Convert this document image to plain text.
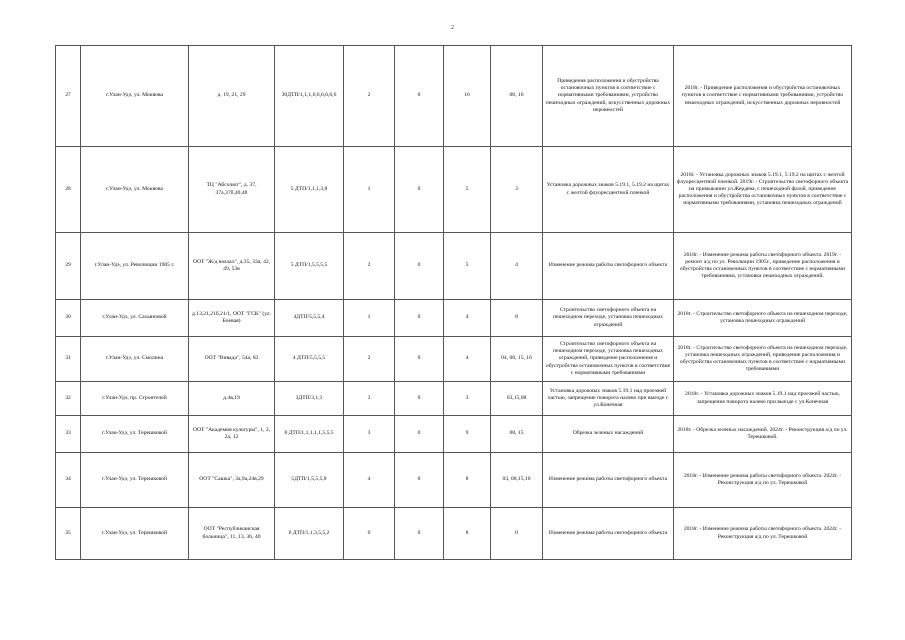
2
27	г.Улан-Удэ, ул. Моквова	д. 19, 21, 29	30ДТП/1,1,1,6,6,6,6,6,6	2	0	16	08, 16	Приведение расположения и обустройства остановочных пунктов в соответствие с нормативными требованиями, устройство пешеходных ограждений, искусственных дорожных неровностей	2018г. - Приведение расположения и обустройства остановочных пунктов в соответствие с нормативными требованиями, устройство пешеходных ограждений, искусственных дорожных неровностей
28	г.Улан-Удэ, ул. Моквова	ТЦ "Абсолют", д. 37, 37а,37б,40,48	5 ДТП/1,1,1,3,8	1	0	5	3	Установка дорожных знаков 5.19.1, 5.19.2 на щитах с желтой флуоресцентной пленкой	2018г. - Установка дорожных знаков 5.19.1, 5.19.2 на щитах с желтой флуоресцентной пленкой. 2019г. - Строительство светофорного объекта на примыкании ул.Жердева, с пешеходной фазой, приведение расположения и обустройства остановочных пунктов в соответствие с нормативными требованиями, установка пешеходных ограждений
29	г.Улан-Удэ, ул. Революции 1905 г.	ООТ "Ж/д вокзал", д.35, 33а, 42, 49, 53в	5 ДТП/1,5,5,5,5	2	0	5	4	Изменение режима работы светофорного объекта	2018г. - Изменение режима работы светофорного объекта. 2019г. - ремонт а/д по ул. Революции 1905г., приведение расположения и обустройства остановочных пунктов в соответствие с нормативными требованиями, установка пешеходных ограждений.
30	г.Улан-Удэ, ул. Сахьяновой	д.13,21,21б,21/1, ООТ "ГСК" (ул. Боевая)	4ДТП/5,5,5,4	1	0	4	8	Строительство светофорного объекта на пешеходном переходе, установка пешеходных ограждений	2018г. - Строительство светофорного объекта на пешеходном переходе, установка пешеходных ограждений
31	г.Улан-Удэ, ул. Смолина	ООТ "Вивада", 54а, 83	4 ДТП/5,5,5,5	2	0	4	04, 08, 15, 16	Строительство светофорного объекта на пешеходном переходе, установка пешеходных ограждений, приведение расположения и обустройства остановочных пунктов в соответствие с нормативными требованиями	2018г. - Строительство светофорного объекта на пешеходном переходе, установка пешеходных ограждений, приведение расположения и обустройства остановочных пунктов в соответствие с нормативными требованиями
32	г.Улан-Удэ, пр. Строителей	д.4в,19	3ДТП/3,1,1	3	0	3	03,15,08	Установка дорожных знаков 5.19.1 над проезжей частью, запрещение поворота налево при выезде с ул.Конечная	2018г. - Установка дорожных знаков 5.19.1 над проезжей частью, запрещение поворота налево при выезде с ул.Конечная
33	г.Улан-Удэ, ул. Терешковой	ООТ "Академия культуры", 1, 2, 2а, 12	8 ДТП/1,1,1,1,1,5,5,5	3	0	9	08, 15	Обрезка зеленых насаждений	2018г. - Обрезка зеленых насаждений. 2024г. - Реконструкция а/д по ул. Терешковой.
34	г.Улан-Удэ, ул. Терешковой	ООТ "Сашка", 3а,9а,24в,29	5ДТП/1,5,5,5,8	4	0	8	03, 08,15,10	Изменение режима работы светофорного объекта	2018г. - Изменение режима работы светофорного объекта. 2024г. - Реконструкция а/д по ул. Терешковой
35	г.Улан-Удэ, ул. Терешковой	ООТ "Республиканская больница", 11, 13, 36, 40	6 ДТП/1,1,3,5,5,2	0	0	8	0	Изменение режима работы светофорного объекта	2018г. - Изменение режима работы светофорного объекта. 2024г. - Реконструкция а/д по ул. Терешковой
